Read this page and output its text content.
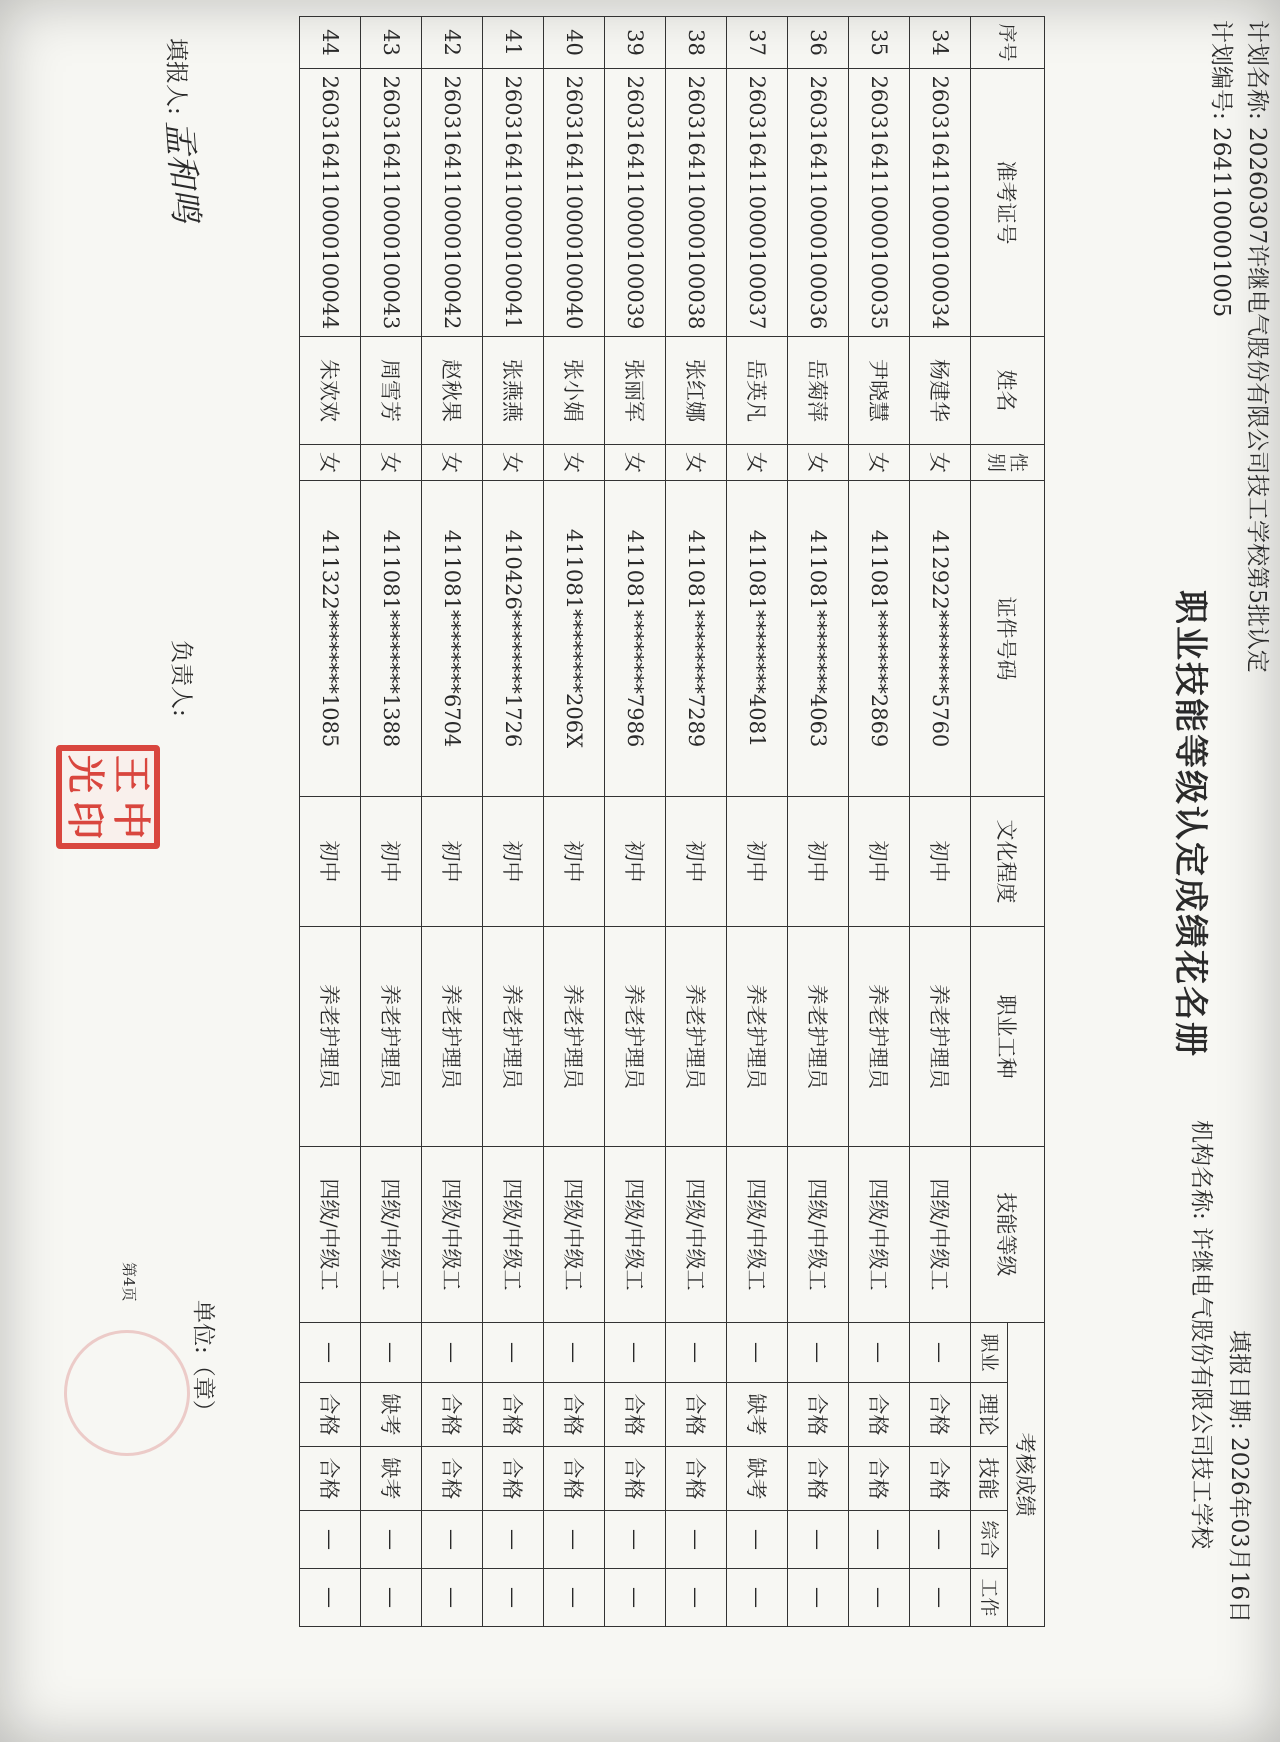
计划名称: 20260307许继电气股份有限公司技工学校第5批认定
计划编号: 2641100001005
职业技能等级认定成绩花名册
填报日期: 2026年03月16日
机构名称: 许继电气股份有限公司技工学校
序号	准考证号	姓名	性别	证件号码	文化程度	职业工种	技能等级	考核成绩				
								职业	理论	技能	综合	工作
34	2603164110000100034	杨建华	女	412922********5760	初中	养老护理员	四级/中级工	—	合格	合格	—	—
35	2603164110000100035	尹晓慧	女	411081********2869	初中	养老护理员	四级/中级工	—	合格	合格	—	—
36	2603164110000100036	岳菊萍	女	411081********4063	初中	养老护理员	四级/中级工	—	合格	合格	—	—
37	2603164110000100037	岳英凡	女	411081********4081	初中	养老护理员	四级/中级工	—	缺考	缺考	—	—
38	2603164110000100038	张红娜	女	411081********7289	初中	养老护理员	四级/中级工	—	合格	合格	—	—
39	2603164110000100039	张丽军	女	411081********7986	初中	养老护理员	四级/中级工	—	合格	合格	—	—
40	2603164110000100040	张小娟	女	411081********206X	初中	养老护理员	四级/中级工	—	合格	合格	—	—
41	2603164110000100041	张燕燕	女	410426********1726	初中	养老护理员	四级/中级工	—	合格	合格	—	—
42	2603164110000100042	赵秋果	女	411081********6704	初中	养老护理员	四级/中级工	—	合格	合格	—	—
43	2603164110000100043	周雪芳	女	411081********1388	初中	养老护理员	四级/中级工	—	缺考	缺考	—	—
44	2603164110000100044	朱欢欢	女	411322********1085	初中	养老护理员	四级/中级工	—	合格	合格	—	—
填报人:
孟和鸣
负责人:
王
中
光
印
单位:（章）
第4页
